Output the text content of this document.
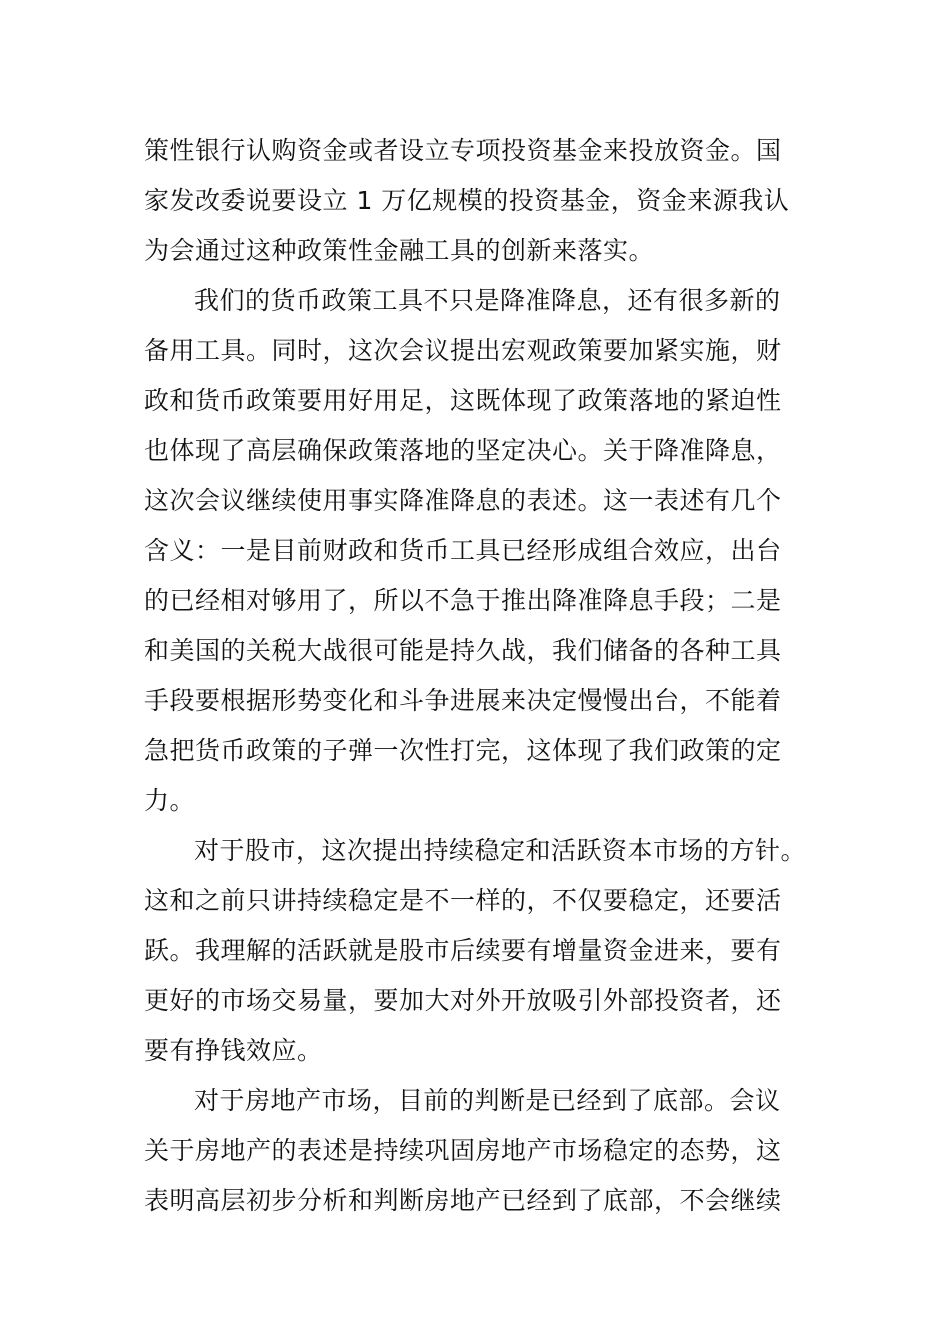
策性银行认购资金或者设立专项投资基金来投放资金。国
家发改委说要设立 1 万亿规模的投资基金，资金来源我认
为会通过这种政策性金融工具的创新来落实。
我们的货币政策工具不只是降准降息，还有很多新的
备用工具。同时，这次会议提出宏观政策要加紧实施，财
政和货币政策要用好用足，这既体现了政策落地的紧迫性
也体现了高层确保政策落地的坚定决心。关于降准降息，
这次会议继续使用事实降准降息的表述。这一表述有几个
含义：一是目前财政和货币工具已经形成组合效应，出台
的已经相对够用了，所以不急于推出降准降息手段；二是
和美国的关税大战很可能是持久战，我们储备的各种工具
手段要根据形势变化和斗争进展来决定慢慢出台，不能着
急把货币政策的子弹一次性打完，这体现了我们政策的定
力。
对于股市，这次提出持续稳定和活跃资本市场的方针。
这和之前只讲持续稳定是不一样的，不仅要稳定，还要活
跃。我理解的活跃就是股市后续要有增量资金进来，要有
更好的市场交易量，要加大对外开放吸引外部投资者，还
要有挣钱效应。
对于房地产市场，目前的判断是已经到了底部。会议
关于房地产的表述是持续巩固房地产市场稳定的态势，这
表明高层初步分析和判断房地产已经到了底部，不会继续
